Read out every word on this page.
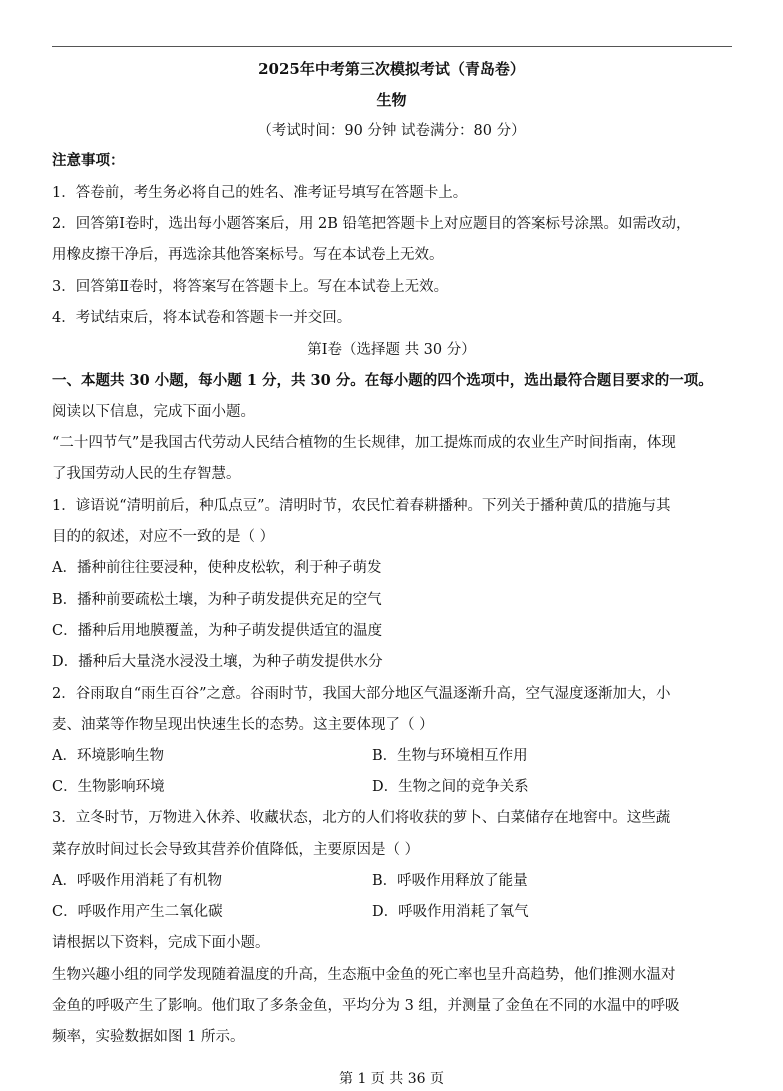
2025年中考第三次模拟考试（青岛卷）
生物
（考试时间：90 分钟 试卷满分：80 分）
注意事项：
1．答卷前，考生务必将自己的姓名、准考证号填写在答题卡上。
2．回答第Ⅰ卷时，选出每小题答案后，用 2B 铅笔把答题卡上对应题目的答案标号涂黑。如需改动，
用橡皮擦干净后，再选涂其他答案标号。写在本试卷上无效。
3．回答第Ⅱ卷时，将答案写在答题卡上。写在本试卷上无效。
4．考试结束后，将本试卷和答题卡一并交回。
第Ⅰ卷（选择题 共 30 分）
一、本题共 30 小题，每小题 1 分，共 30 分。在每小题的四个选项中，选出最符合题目要求的一项。
阅读以下信息，完成下面小题。
“二十四节气”是我国古代劳动人民结合植物的生长规律，加工提炼而成的农业生产时间指南，体现
了我国劳动人民的生存智慧。
1．谚语说“清明前后，种瓜点豆”。清明时节，农民忙着春耕播种。下列关于播种黄瓜的措施与其
目的的叙述，对应不一致的是（ ）
A．播种前往往要浸种，使种皮松软，利于种子萌发
B．播种前要疏松土壤，为种子萌发提供充足的空气
C．播种后用地膜覆盖，为种子萌发提供适宜的温度
D．播种后大量浇水浸没土壤，为种子萌发提供水分
2．谷雨取自“雨生百谷”之意。谷雨时节，我国大部分地区气温逐渐升高，空气湿度逐渐加大，小
麦、油菜等作物呈现出快速生长的态势。这主要体现了（ ）
A．环境影响生物	B．生物与环境相互作用
C．生物影响环境	D．生物之间的竞争关系
3．立冬时节，万物进入休养、收藏状态，北方的人们将收获的萝卜、白菜储存在地窖中。这些蔬
菜存放时间过长会导致其营养价值降低，主要原因是（ ）
A．呼吸作用消耗了有机物	B．呼吸作用释放了能量
C．呼吸作用产生二氧化碳	D．呼吸作用消耗了氧气
请根据以下资料，完成下面小题。
生物兴趣小组的同学发现随着温度的升高，生态瓶中金鱼的死亡率也呈升高趋势，他们推测水温对
金鱼的呼吸产生了影响。他们取了多条金鱼，平均分为 3 组，并测量了金鱼在不同的水温中的呼吸
频率，实验数据如图 1 所示。
第 1 页 共 36 页
